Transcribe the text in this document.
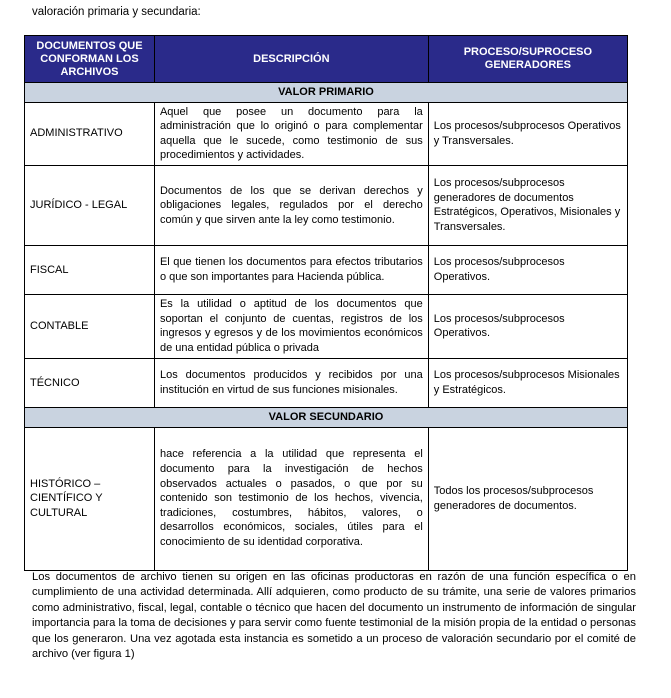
valoración primaria y secundaria:
DOCUMENTOS QUE CONFORMAN LOS ARCHIVOS	DESCRIPCIÓN	PROCESO/SUPROCESO GENERADORES
VALOR PRIMARIO		
ADMINISTRATIVO	Aquel que posee un documento para la administración que lo originó o para complementar aquella que le sucede, como testimonio de sus procedimientos y actividades.	Los procesos/subprocesos Operativos y Transversales.
JURÍDICO - LEGAL	Documentos de los que se derivan derechos y obligaciones legales, regulados por el derecho común y que sirven ante la ley como testimonio.	Los procesos/subprocesos generadores de documentos Estratégicos, Operativos, Misionales y Transversales.
FISCAL	El que tienen los documentos para efectos tributarios o que son importantes para Hacienda pública.	Los procesos/subprocesos Operativos.
CONTABLE	Es la utilidad o aptitud de los documentos que soportan el conjunto de cuentas, registros de los ingresos y egresos y de los movimientos económicos de una entidad pública o privada	Los procesos/subprocesos Operativos.
TÉCNICO	Los documentos producidos y recibidos por una institución en virtud de sus funciones misionales.	Los procesos/subprocesos Misionales y Estratégicos.
VALOR SECUNDARIO		
HISTÓRICO – CIENTÍFICO Y CULTURAL	hace referencia a la utilidad que representa el documento para la investigación de hechos observados actuales o pasados, o que por su contenido son testimonio de los hechos, vivencia, tradiciones, costumbres, hábitos, valores, o desarrollos económicos, sociales, útiles para el conocimiento de su identidad corporativa.	Todos los procesos/subprocesos generadores de documentos.
Los documentos de archivo tienen su origen en las oficinas productoras en razón de una función específica o en cumplimiento de una actividad determinada. Allí adquieren, como producto de su trámite, una serie de valores primarios como administrativo, fiscal, legal, contable o técnico que hacen del documento un instrumento de información de singular importancia para la toma de decisiones y para servir como fuente testimonial de la misión propia de la entidad o personas que los generaron. Una vez agotada esta instancia es sometido a un proceso de valoración secundario por el comité de archivo (ver figura 1)
